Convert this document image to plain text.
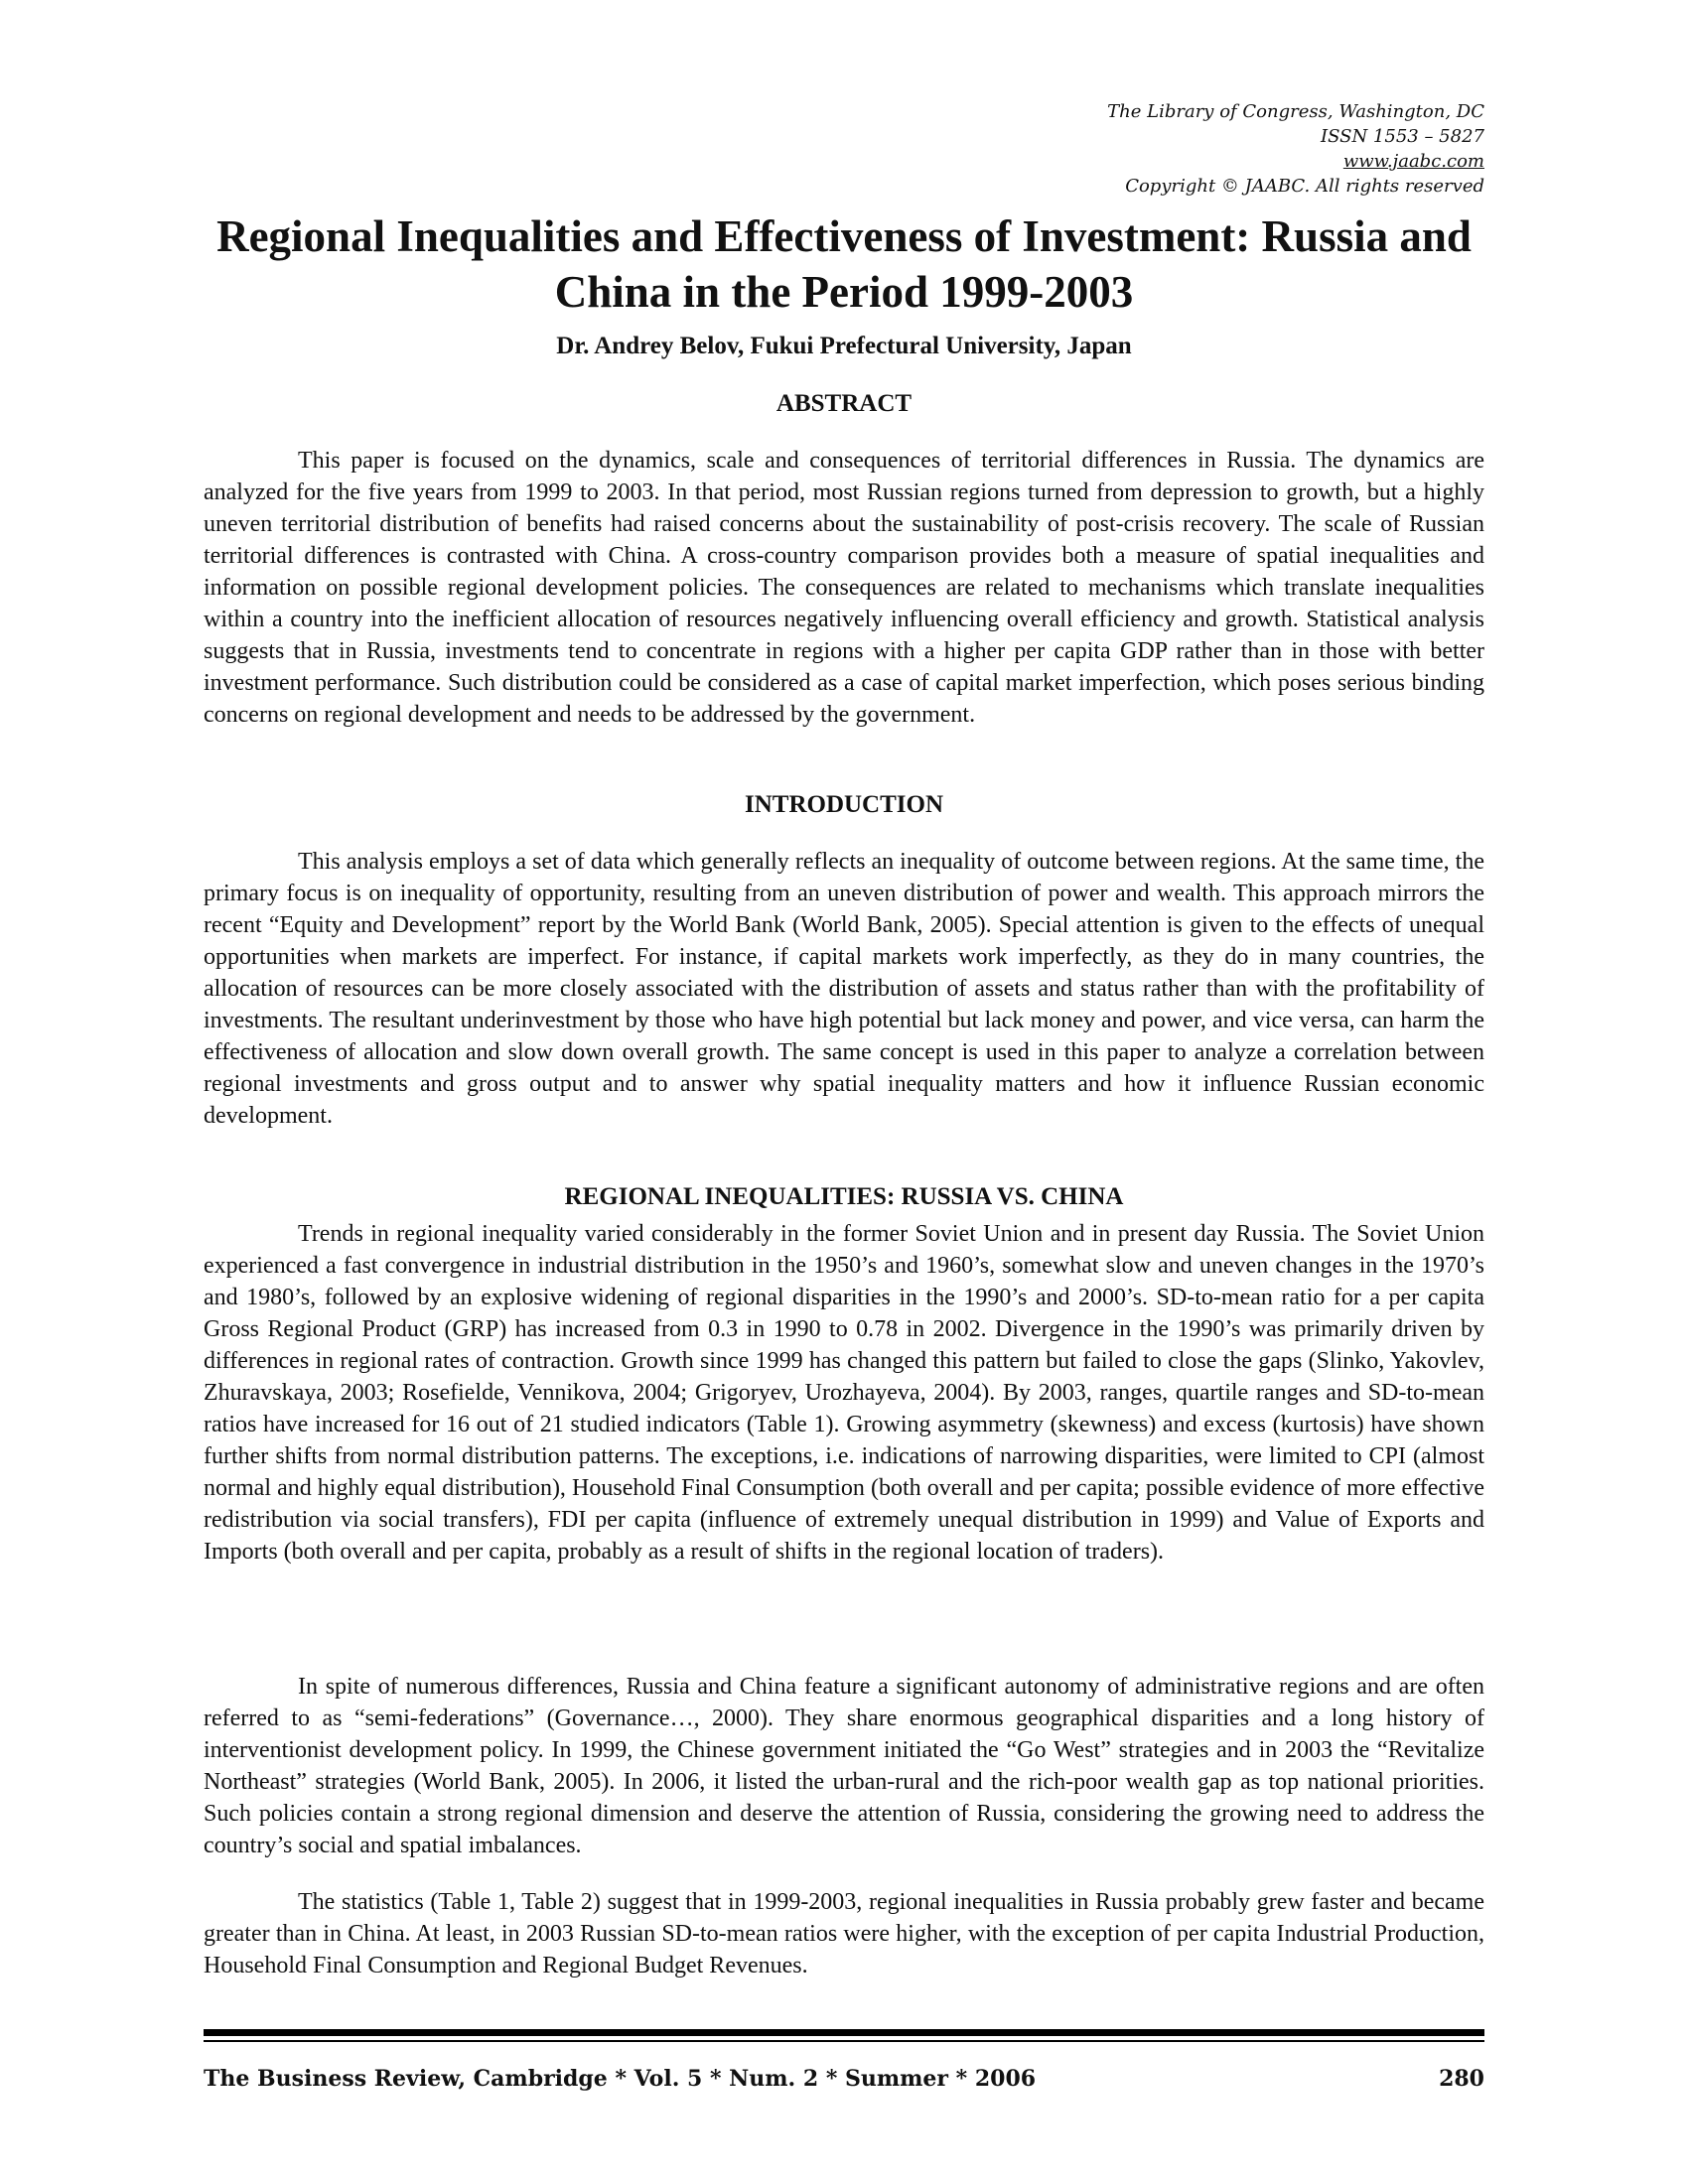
The Library of Congress, Washington, DC
ISSN 1553 – 5827
www.jaabc.com
Copyright © JAABC. All rights reserved
Regional Inequalities and Effectiveness of Investment: Russia and China in the Period 1999-2003

Dr. Andrey Belov, Fukui Prefectural University, Japan

ABSTRACT

This paper is focused on the dynamics, scale and consequences of territorial differences in Russia. The dynamics are analyzed for the five years from 1999 to 2003. In that period, most Russian regions turned from depression to growth, but a highly uneven territorial distribution of benefits had raised concerns about the sustainability of post-crisis recovery. The scale of Russian territorial differences is contrasted with China. A cross-country comparison provides both a measure of spatial inequalities and information on possible regional development policies. The consequences are related to mechanisms which translate inequalities within a country into the inefficient allocation of resources negatively influencing overall efficiency and growth. Statistical analysis suggests that in Russia, investments tend to concentrate in regions with a higher per capita GDP rather than in those with better investment performance. Such distribution could be considered as a case of capital market imperfection, which poses serious binding concerns on regional development and needs to be addressed by the government.

INTRODUCTION

This analysis employs a set of data which generally reflects an inequality of outcome between regions. At the same time, the primary focus is on inequality of opportunity, resulting from an uneven distribution of power and wealth. This approach mirrors the recent “Equity and Development” report by the World Bank (World Bank, 2005). Special attention is given to the effects of unequal opportunities when markets are imperfect. For instance, if capital markets work imperfectly, as they do in many countries, the allocation of resources can be more closely associated with the distribution of assets and status rather than with the profitability of investments. The resultant underinvestment by those who have high potential but lack money and power, and vice versa, can harm the effectiveness of allocation and slow down overall growth. The same concept is used in this paper to analyze a correlation between regional investments and gross output and to answer why spatial inequality matters and how it influence Russian economic development.

REGIONAL INEQUALITIES: RUSSIA VS. CHINA

Trends in regional inequality varied considerably in the former Soviet Union and in present day Russia. The Soviet Union experienced a fast convergence in industrial distribution in the 1950’s and 1960’s, somewhat slow and uneven changes in the 1970’s and 1980’s, followed by an explosive widening of regional disparities in the 1990’s and 2000’s. SD-to-mean ratio for a per capita Gross Regional Product (GRP) has increased from 0.3 in 1990 to 0.78 in 2002. Divergence in the 1990’s was primarily driven by differences in regional rates of contraction. Growth since 1999 has changed this pattern but failed to close the gaps (Slinko, Yakovlev, Zhuravskaya, 2003; Rosefielde, Vennikova, 2004; Grigoryev, Urozhayeva, 2004). By 2003, ranges, quartile ranges and SD-to-mean ratios have increased for 16 out of 21 studied indicators (Table 1). Growing asymmetry (skewness) and excess (kurtosis) have shown further shifts from normal distribution patterns. The exceptions, i.e. indications of narrowing disparities, were limited to CPI (almost normal and highly equal distribution), Household Final Consumption (both overall and per capita; possible evidence of more effective redistribution via social transfers), FDI per capita (influence of extremely unequal distribution in 1999) and Value of Exports and Imports (both overall and per capita, probably as a result of shifts in the regional location of traders).

In spite of numerous differences, Russia and China feature a significant autonomy of administrative regions and are often referred to as “semi-federations” (Governance…, 2000). They share enormous geographical disparities and a long history of interventionist development policy. In 1999, the Chinese government initiated the “Go West” strategies and in 2003 the “Revitalize Northeast” strategies (World Bank, 2005). In 2006, it listed the urban-rural and the rich-poor wealth gap as top national priorities. Such policies contain a strong regional dimension and deserve the attention of Russia, considering the growing need to address the country’s social and spatial imbalances.

The statistics (Table 1, Table 2) suggest that in 1999-2003, regional inequalities in Russia probably grew faster and became greater than in China. At least, in 2003 Russian SD-to-mean ratios were higher, with the exception of per capita Industrial Production, Household Final Consumption and Regional Budget Revenues.

The Business Review, Cambridge * Vol. 5 * Num. 2 * Summer * 2006	280
